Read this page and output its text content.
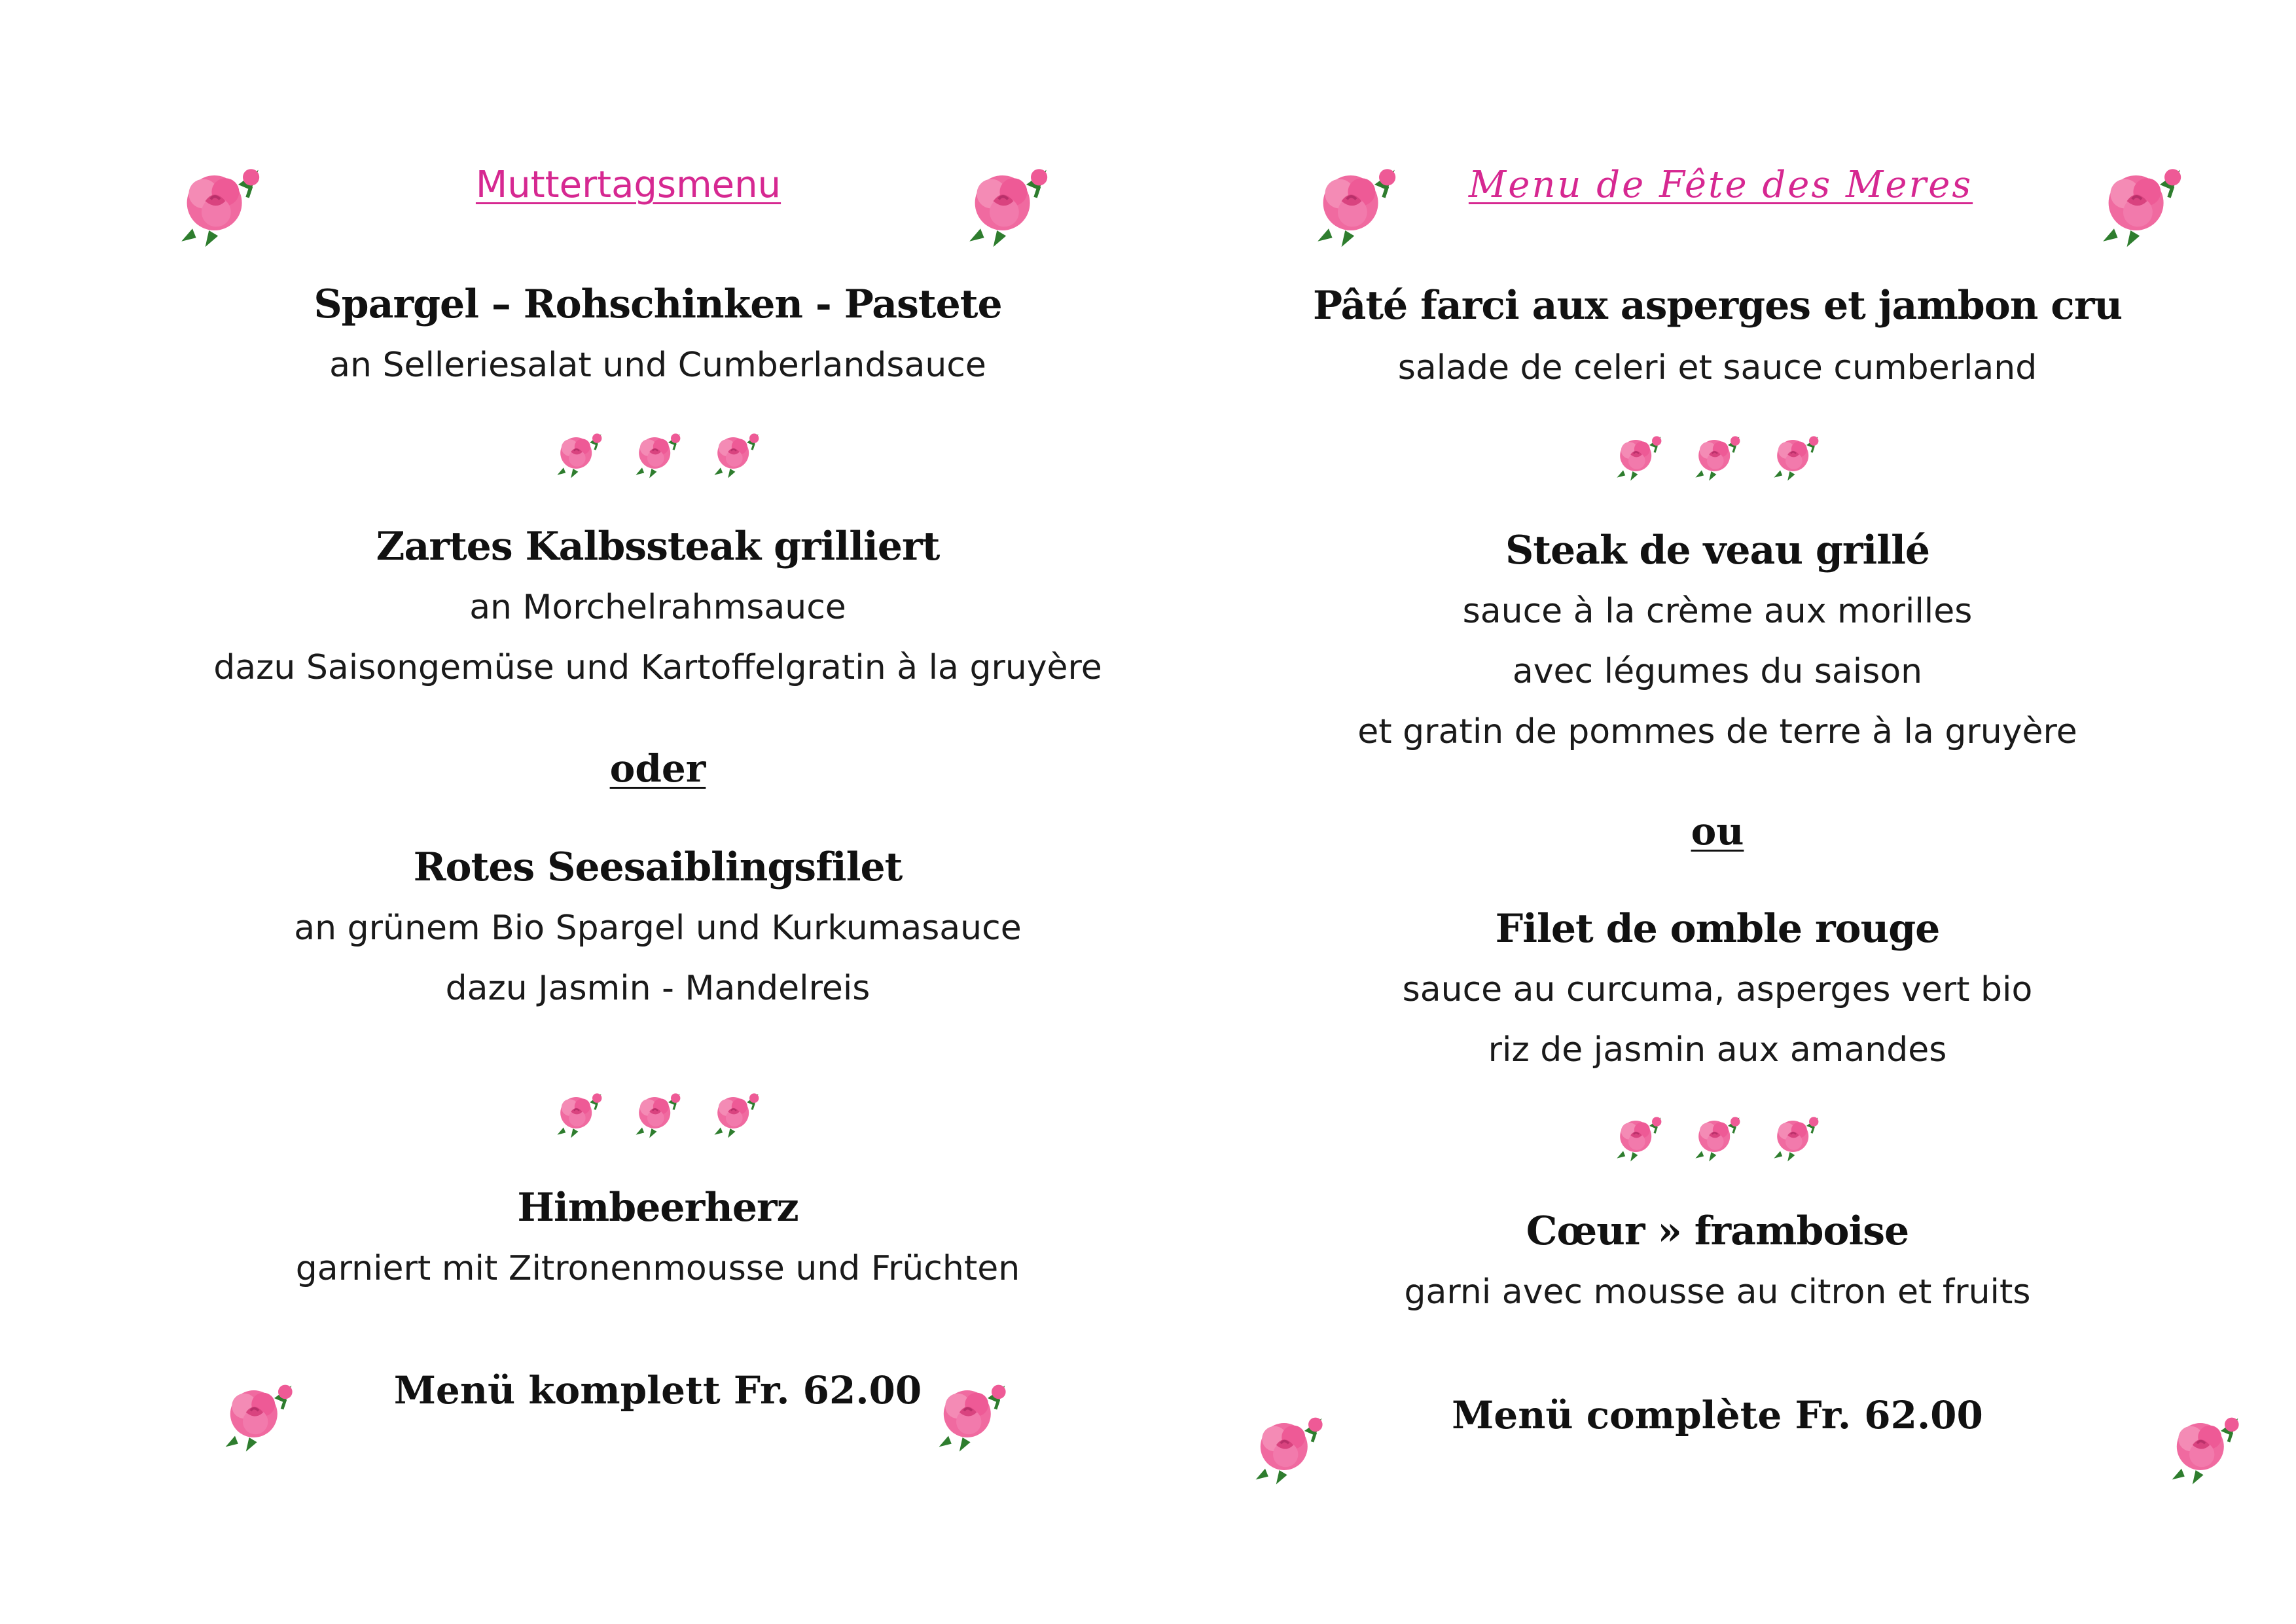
Muttertagsmenu
Spargel – Rohschinken - Pastete
an Selleriesalat und Cumberlandsauce
Zartes Kalbssteak grilliert
an Morchelrahmsauce
dazu Saisongemüse und Kartoffelgratin à la gruyère
oder
Rotes Seesaiblingsfilet
an grünem Bio Spargel und Kurkumasauce
dazu Jasmin - Mandelreis
Himbeerherz
garniert mit Zitronenmousse und Früchten
Menü komplett Fr. 62.00
Menu de Fête des Meres
Pâté farci aux asperges et jambon cru
salade de celeri et sauce cumberland
Steak de veau grillé
sauce à la crème aux morilles
avec légumes du saison
et gratin de pommes de terre à la gruyère
ou
Filet de omble rouge
sauce au curcuma, asperges vert bio
riz de jasmin aux amandes
Cœur » framboise
garni avec mousse au citron et fruits
Menü complète Fr. 62.00
